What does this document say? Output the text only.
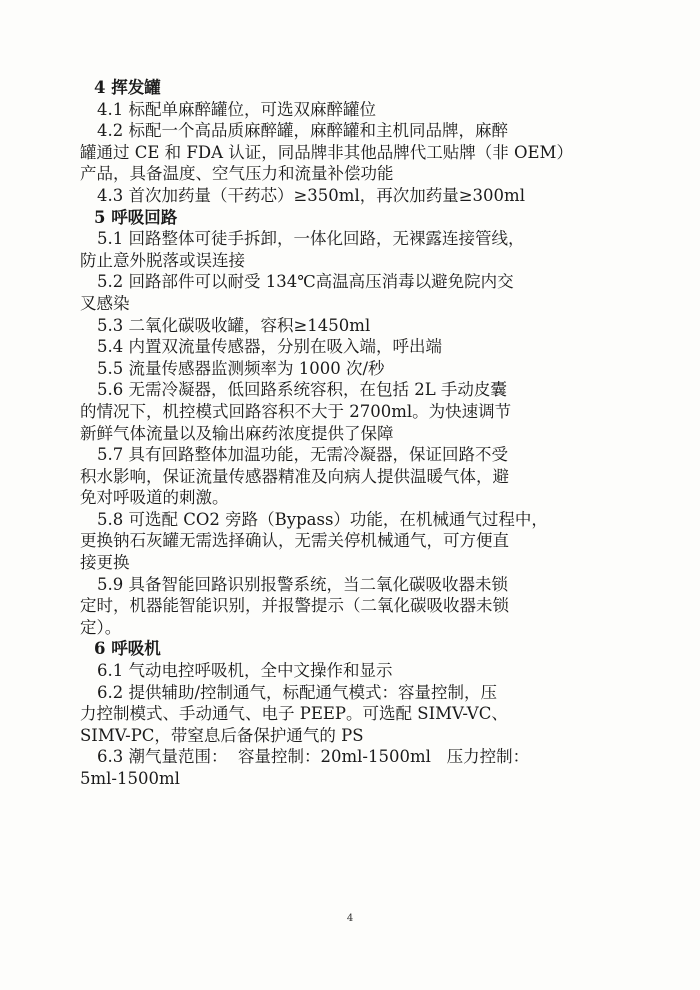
4 挥发罐
4.1 标配单麻醉罐位，可选双麻醉罐位
4.2 标配一个高品质麻醉罐，麻醉罐和主机同品牌，麻醉
罐通过 CE 和 FDA 认证，同品牌非其他品牌代工贴牌（非 OEM）
产品，具备温度、空气压力和流量补偿功能
4.3 首次加药量（干药芯）≥350ml，再次加药量≥300ml
5 呼吸回路
5.1 回路整体可徒手拆卸，一体化回路，无裸露连接管线，
防止意外脱落或误连接
5.2 回路部件可以耐受 134℃高温高压消毒以避免院内交
叉感染
5.3 二氧化碳吸收罐，容积≥1450ml
5.4 内置双流量传感器，分别在吸入端，呼出端
5.5 流量传感器监测频率为 1000 次/秒
5.6 无需冷凝器，低回路系统容积，在包括 2L 手动皮囊
的情况下，机控模式回路容积不大于 2700ml。为快速调节
新鲜气体流量以及输出麻药浓度提供了保障
5.7 具有回路整体加温功能，无需冷凝器，保证回路不受
积水影响，保证流量传感器精准及向病人提供温暖气体，避
免对呼吸道的刺激。
5.8 可选配 CO2 旁路（Bypass）功能，在机械通气过程中，
更换钠石灰罐无需选择确认，无需关停机械通气，可方便直
接更换
5.9 具备智能回路识别报警系统，当二氧化碳吸收器未锁
定时，机器能智能识别，并报警提示（二氧化碳吸收器未锁
定）。
6 呼吸机
6.1 气动电控呼吸机，全中文操作和显示
6.2 提供辅助/控制通气，标配通气模式：容量控制，压
力控制模式、手动通气、电子 PEEP。可选配 SIMV-VC、
SIMV-PC，带窒息后备保护通气的 PS
6.3 潮气量范围：  容量控制：20ml-1500ml   压力控制：
5ml-1500ml
4
